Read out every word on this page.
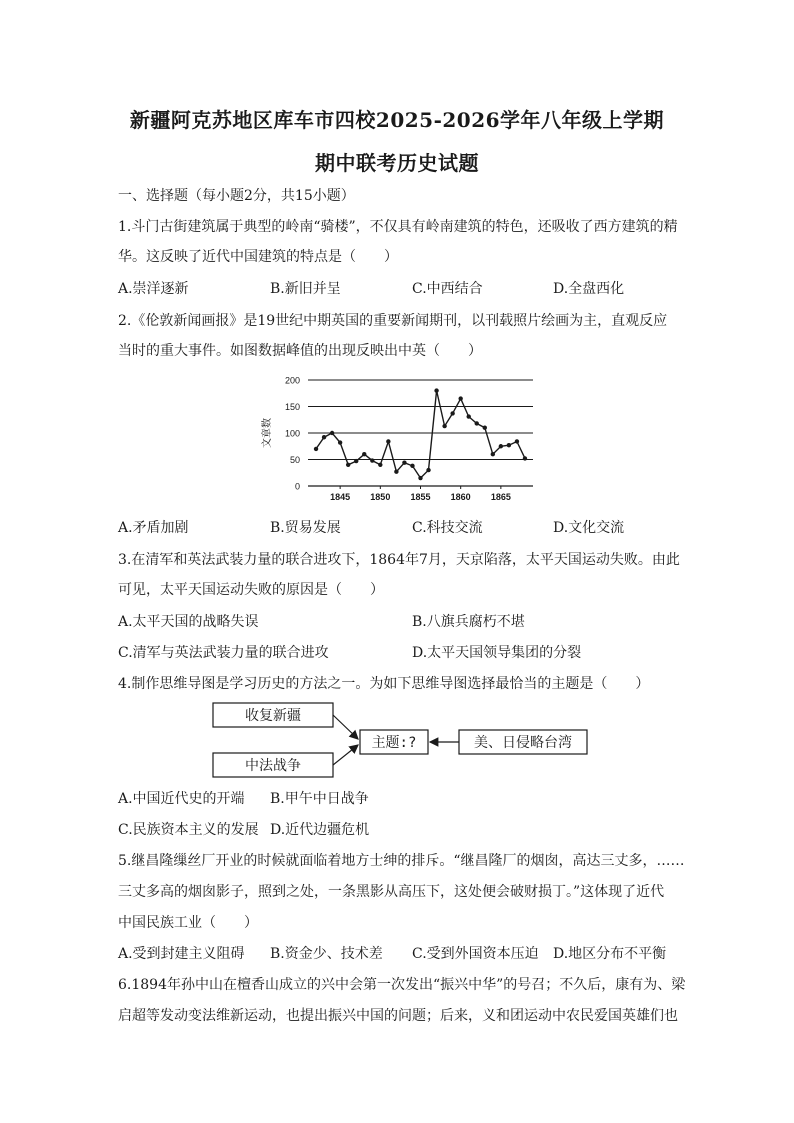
新疆阿克苏地区库车市四校2025-2026学年八年级上学期
期中联考历史试题
一、选择题（每小题2分，共15小题）
1.斗门古街建筑属于典型的岭南“骑楼”，不仅具有岭南建筑的特色，还吸收了西方建筑的精
华。这反映了近代中国建筑的特点是（　　）
A.崇洋逐新	B.新旧并呈	C.中西结合	D.全盘西化
2.《伦敦新闻画报》是19世纪中期英国的重要新闻期刊，以刊载照片绘画为主，直观反应
当时的重大事件。如图数据峰值的出现反映出中英（　　）
0
50
100
150
200
1845 1850 1855 1860 1865
文章数
A.矛盾加剧	B.贸易发展	C.科技交流	D.文化交流
3.在清军和英法武装力量的联合进攻下，1864年7月，天京陷落，太平天国运动失败。由此
可见，太平天国运动失败的原因是（　　）
A.太平天国的战略失误	B.八旗兵腐朽不堪
C.清军与英法武装力量的联合进攻	D.太平天国领导集团的分裂
4.制作思维导图是学习历史的方法之一。为如下思维导图选择最恰当的主题是（　　）
收复新疆
中法战争
主题:?	美、日侵略台湾
A.中国近代史的开端 B.甲午中日战争
C.民族资本主义的发展 D.近代边疆危机
5.继昌隆缫丝厂开业的时候就面临着地方士绅的排斥。“继昌隆厂的烟囱，高达三丈多，……
三丈多高的烟囱影子，照到之处，一条黑影从高压下，这处便会破财损丁。”这体现了近代
中国民族工业（　　）
A.受到封建主义阻碍 B.资金少、技术差 C.受到外国资本压迫 D.地区分布不平衡
6.1894年孙中山在檀香山成立的兴中会第一次发出“振兴中华”的号召；不久后，康有为、梁
启超等发动变法维新运动，也提出振兴中国的问题；后来，义和团运动中农民爱国英雄们也
